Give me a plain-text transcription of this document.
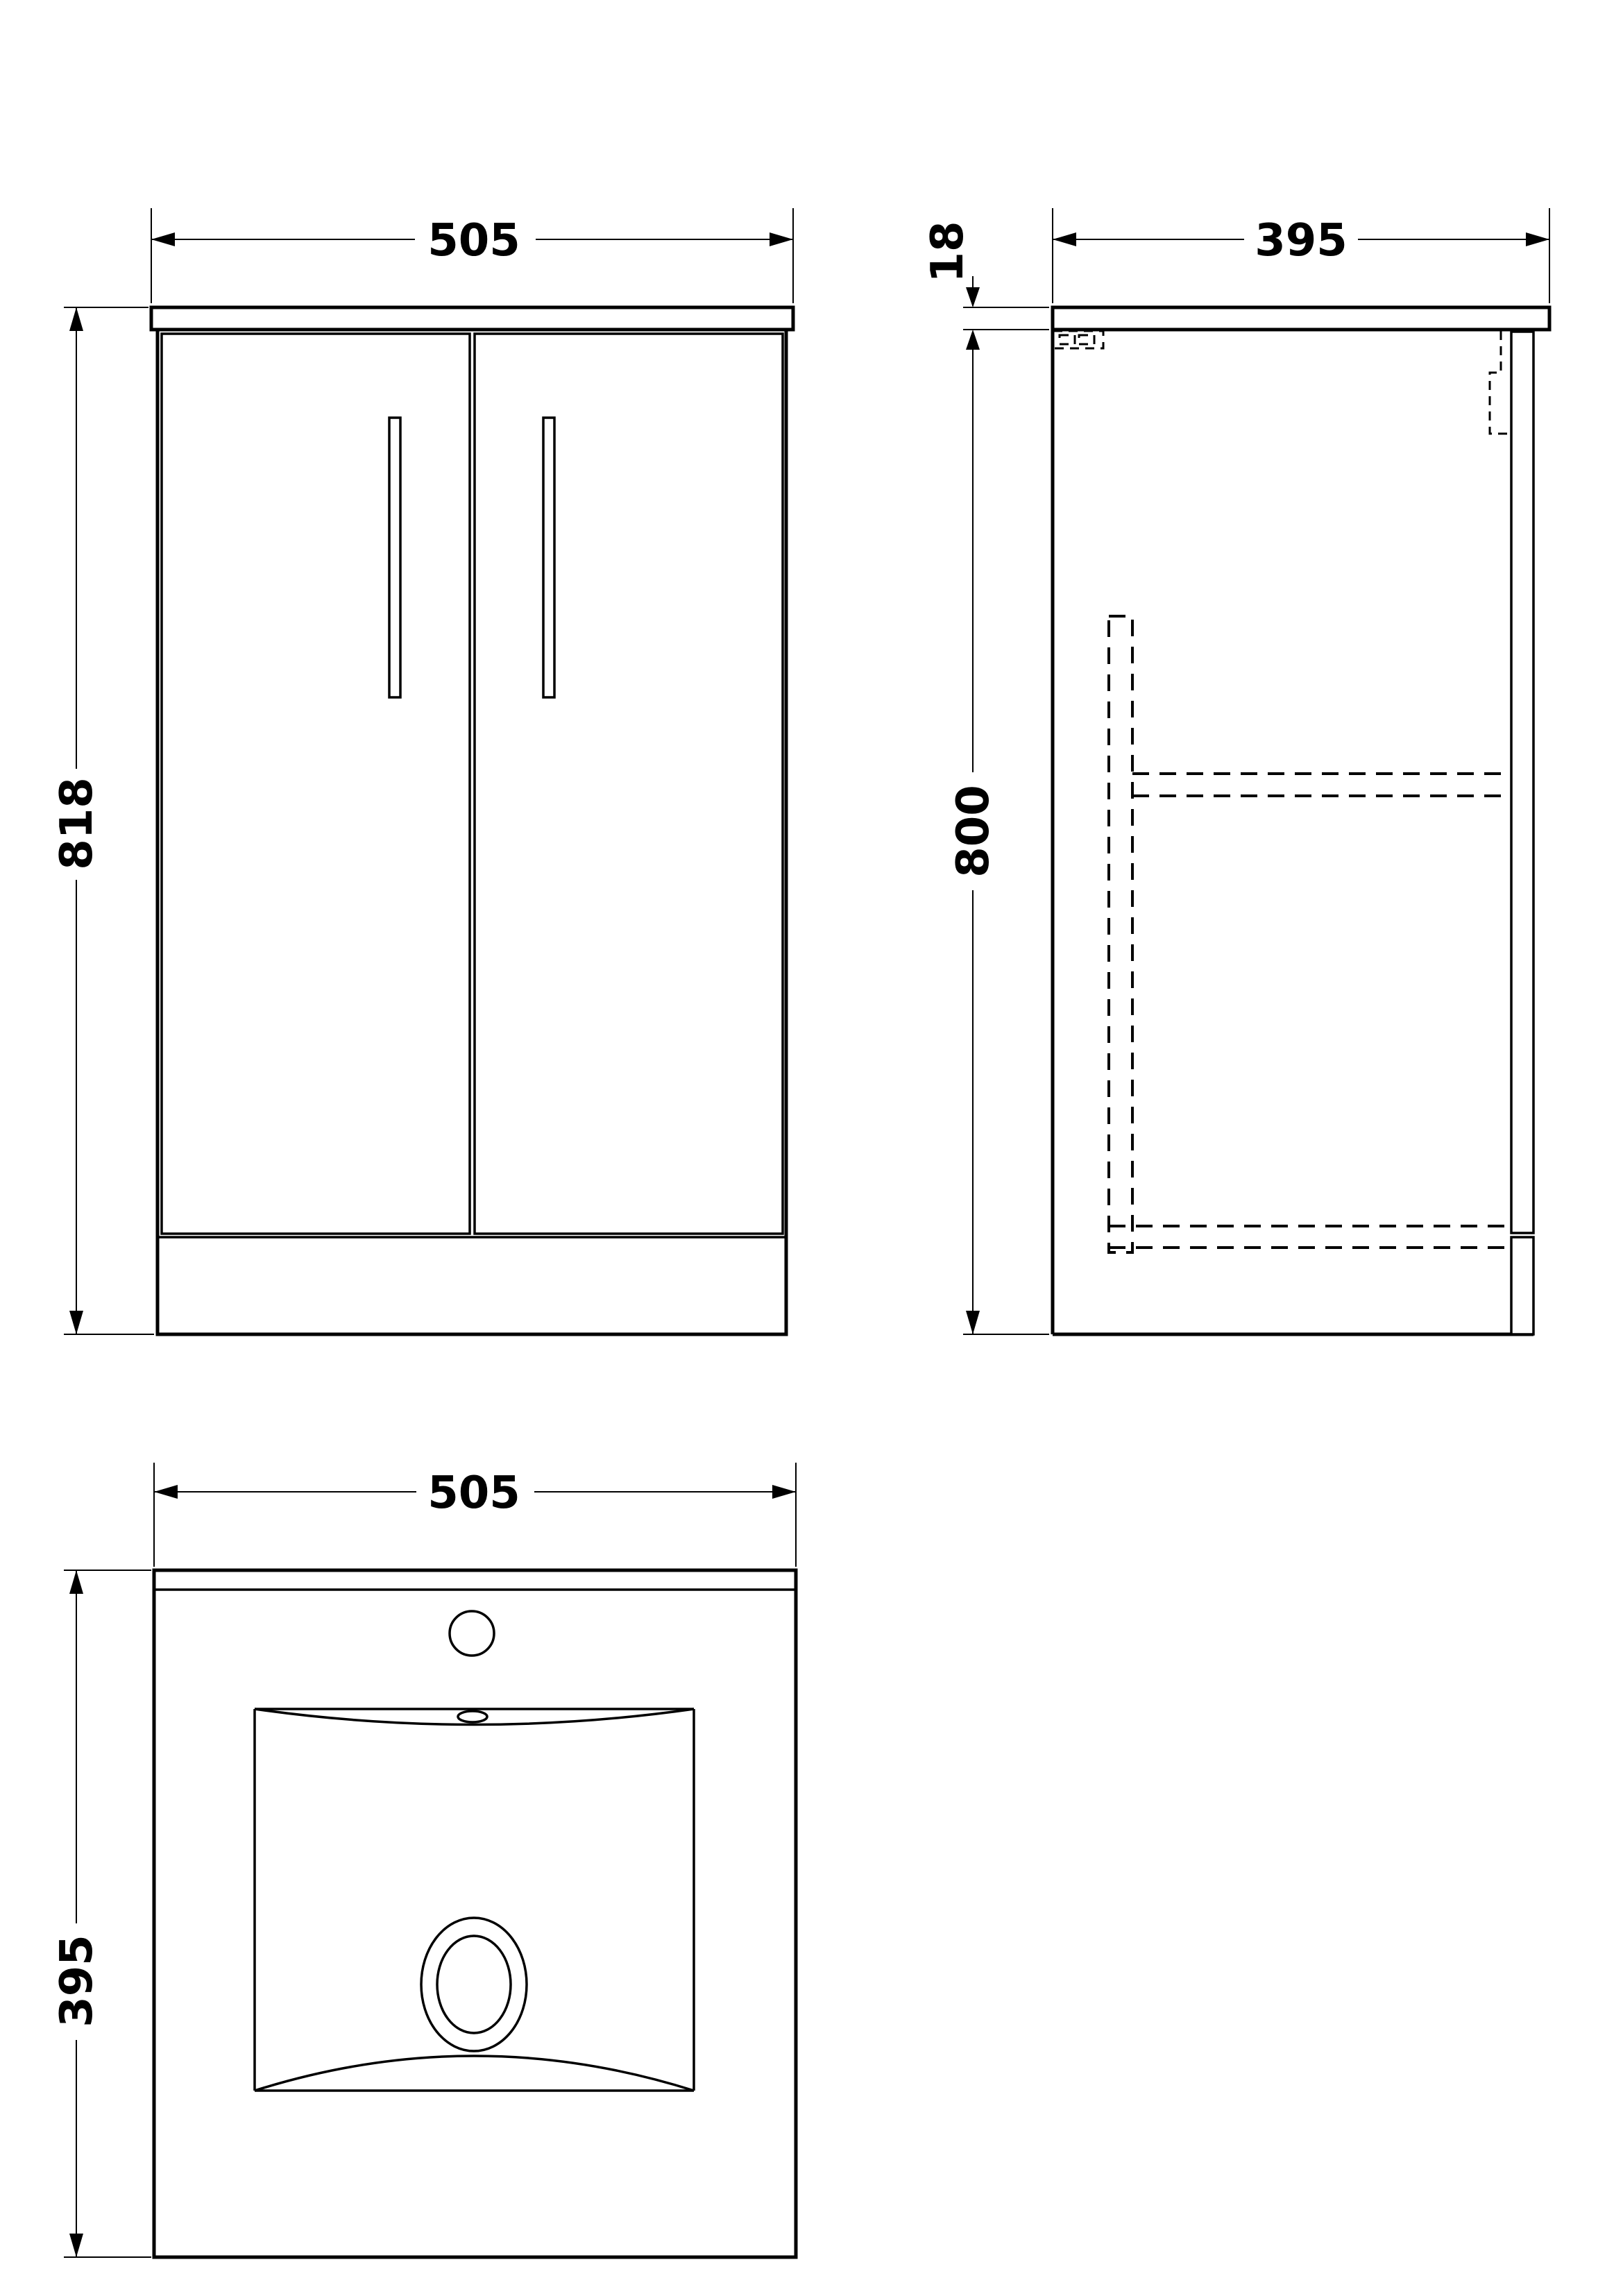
505
818
395
18
800
505
395
